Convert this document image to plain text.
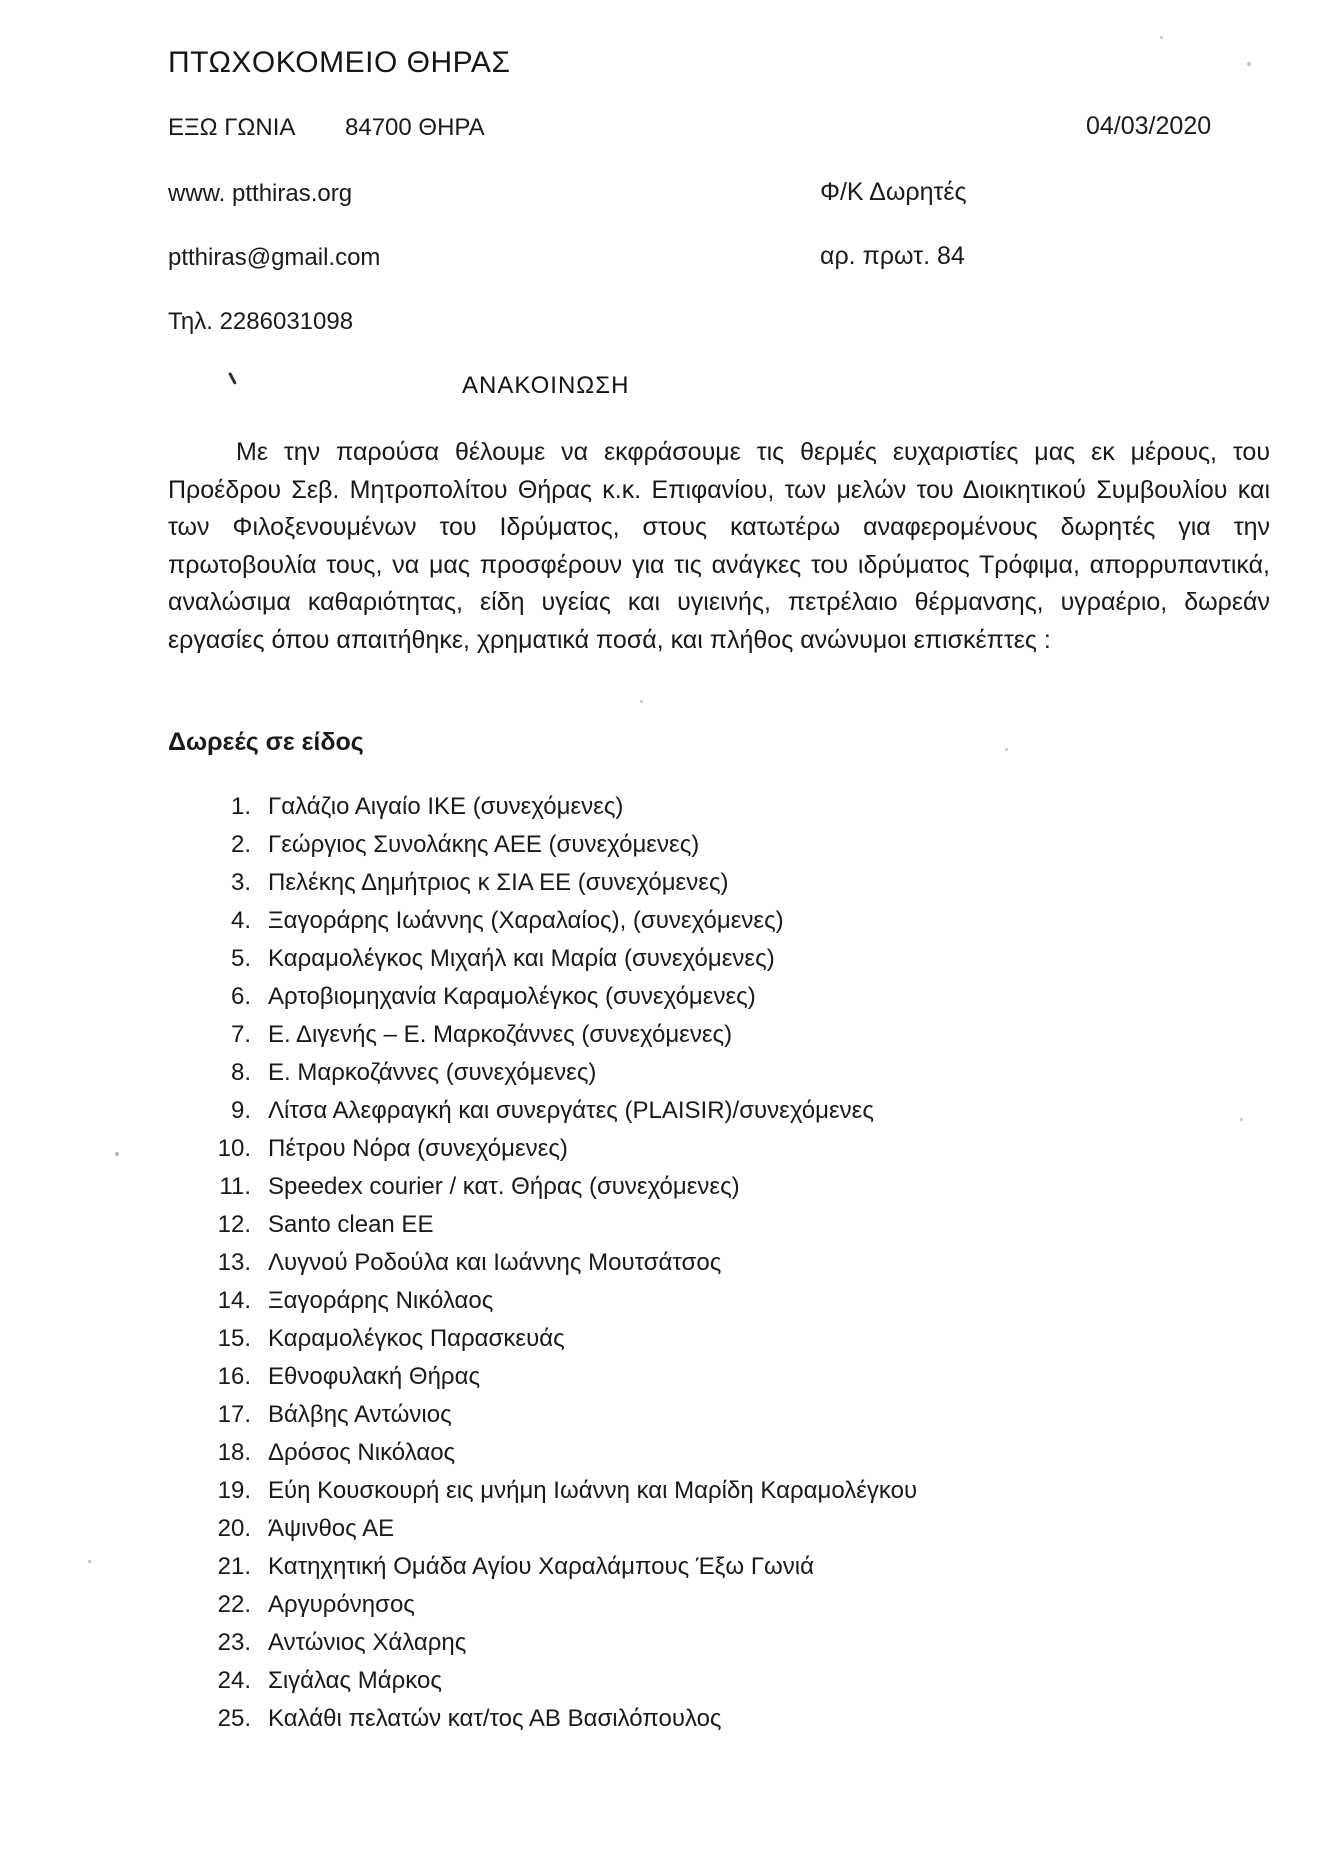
ΠΤΩΧΟΚΟΜΕΙΟ ΘΗΡΑΣ
ΕΞΩ ΓΩΝΙΑ 84700 ΘΗΡΑ	04/03/2020
www. ptthiras.org	Φ/Κ Δωρητές
ptthiras@gmail.com	αρ. πρωτ. 84
Τηλ. 2286031098
ΑΝΑΚΟΙΝΩΣΗ

Με την παρούσα θέλουμε να εκφράσουμε τις θερμές ευχαριστίες μας εκ μέρους, του Προέδρου Σεβ. Μητροπολίτου Θήρας κ.κ. Επιφανίου, των μελών του Διοικητικού Συμβουλίου και των Φιλοξενουμένων του Ιδρύματος, στους κατωτέρω αναφερομένους δωρητές για την πρωτοβουλία τους, να μας προσφέρουν για τις ανάγκες του ιδρύματος Τρόφιμα, απορρυπαντικά, αναλώσιμα καθαριότητας, είδη υγείας και υγιεινής, πετρέλαιο θέρμανσης, υγραέριο, δωρεάν εργασίες όπου απαιτήθηκε, χρηματικά ποσά, και πλήθος ανώνυμοι επισκέπτες :

Δωρεές σε είδος
1. Γαλάζιο Αιγαίο ΙΚΕ (συνεχόμενες)
2. Γεώργιος Συνολάκης ΑΕΕ (συνεχόμενες)
3. Πελέκης Δημήτριος κ ΣΙΑ ΕΕ (συνεχόμενες)
4. Ξαγοράρης Ιωάννης (Χαραλαίος), (συνεχόμενες)
5. Καραμολέγκος Μιχαήλ και Μαρία (συνεχόμενες)
6. Αρτοβιομηχανία Καραμολέγκος (συνεχόμενες)
7. Ε. Διγενής – Ε. Μαρκοζάννες (συνεχόμενες)
8. Ε. Μαρκοζάννες (συνεχόμενες)
9. Λίτσα Αλεφραγκή και συνεργάτες (PLAISIR)/συνεχόμενες
10. Πέτρου Νόρα (συνεχόμενες)
11. Speedex courier / κατ. Θήρας (συνεχόμενες)
12. Santo clean ΕΕ
13. Λυγνού Ροδούλα και Ιωάννης Μουτσάτσος
14. Ξαγοράρης Νικόλαος
15. Καραμολέγκος Παρασκευάς
16. Εθνοφυλακή Θήρας
17. Βάλβης Αντώνιος
18. Δρόσος Νικόλαος
19. Εύη Κουσκουρή εις μνήμη Ιωάννη και Μαρίδη Καραμολέγκου
20. Άψινθος ΑΕ
21. Κατηχητική Ομάδα Αγίου Χαραλάμπους Έξω Γωνιά
22. Αργυρόνησος
23. Αντώνιος Χάλαρης
24. Σιγάλας Μάρκος
25. Καλάθι πελατών κατ/τος ΑΒ Βασιλόπουλος
